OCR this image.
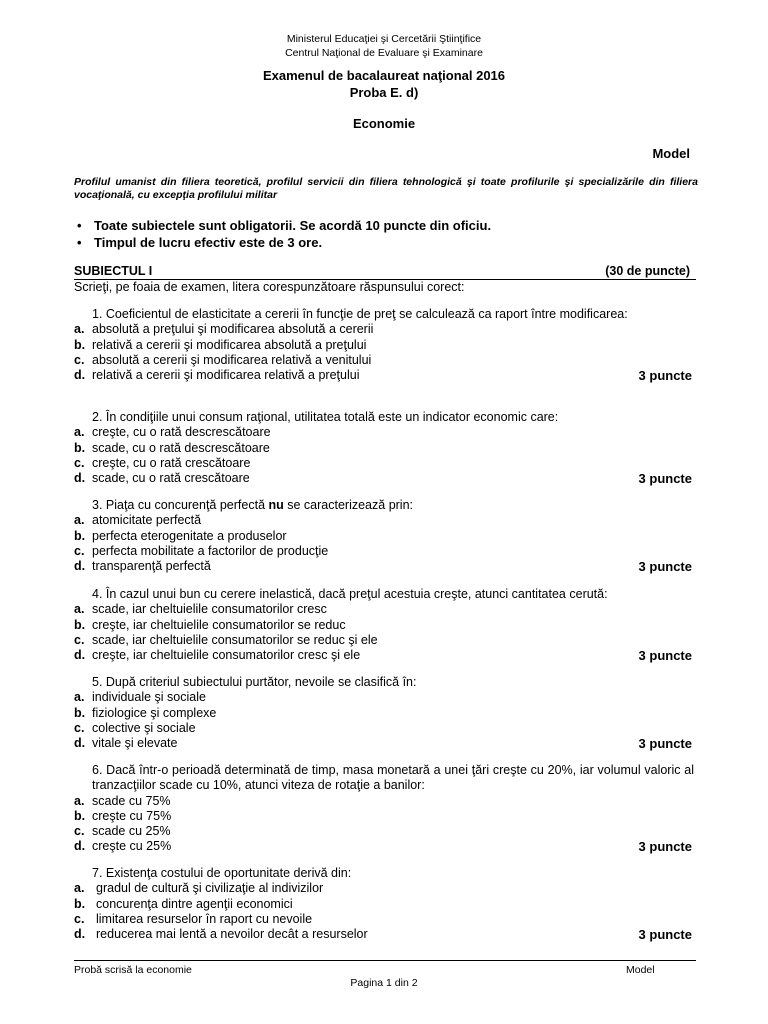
Ministerul Educaţiei şi Cercetării Ştiinţifice
Centrul Naţional de Evaluare şi Examinare
Examenul de bacalaureat naţional 2016
Proba E. d)
Economie
Model
Profilul umanist din filiera teoretică, profilul servicii din filiera tehnologică şi toate profilurile şi specializările din filiera vocaţională, cu excepţia profilului militar
• Toate subiectele sunt obligatorii. Se acordă 10 puncte din oficiu.
• Timpul de lucru efectiv este de 3 ore.
SUBIECTUL I	(30 de puncte)
Scrieţi, pe foaia de examen, litera corespunzătoare răspunsului corect:
1. Coeficientul de elasticitate a cererii în funcţie de preţ se calculează ca raport între modificarea:
a. absolută a preţului şi modificarea absolută a cererii
b. relativă a cererii şi modificarea absolută a preţului
c. absolută a cererii şi modificarea relativă a venitului
d. relativă a cererii şi modificarea relativă a preţului	3 puncte
2. În condiţiile unui consum raţional, utilitatea totală este un indicator economic care:
a. creşte, cu o rată descrescătoare
b. scade, cu o rată descrescătoare
c. creşte, cu o rată crescătoare
d. scade, cu o rată crescătoare	3 puncte
3. Piaţa cu concurenţă perfectă nu se caracterizează prin:
a. atomicitate perfectă
b. perfecta eterogenitate a produselor
c. perfecta mobilitate a factorilor de producţie
d. transparenţă perfectă	3 puncte
4. În cazul unui bun cu cerere inelastică, dacă preţul acestuia creşte, atunci cantitatea cerută:
a. scade, iar cheltuielile consumatorilor cresc
b. creşte, iar cheltuielile consumatorilor se reduc
c. scade, iar cheltuielile consumatorilor se reduc şi ele
d. creşte, iar cheltuielile consumatorilor cresc şi ele	3 puncte
5. După criteriul subiectului purtător, nevoile se clasifică în:
a. individuale şi sociale
b. fiziologice şi complexe
c. colective şi sociale
d. vitale şi elevate	3 puncte
6. Dacă într-o perioadă determinată de timp, masa monetară a unei ţări creşte cu 20%, iar volumul valoric al tranzacţiilor scade cu 10%, atunci viteza de rotaţie a banilor:
a. scade cu 75%
b. creşte cu 75%
c. scade cu 25%
d. creşte cu 25%	3 puncte
7. Existenţa costului de oportunitate derivă din:
a. gradul de cultură şi civilizaţie al indivizilor
b. concurenţa dintre agenţii economici
c. limitarea resurselor în raport cu nevoile
d. reducerea mai lentă a nevoilor decât a resurselor	3 puncte
Probă scrisă la economie	Model
Pagina 1 din 2
